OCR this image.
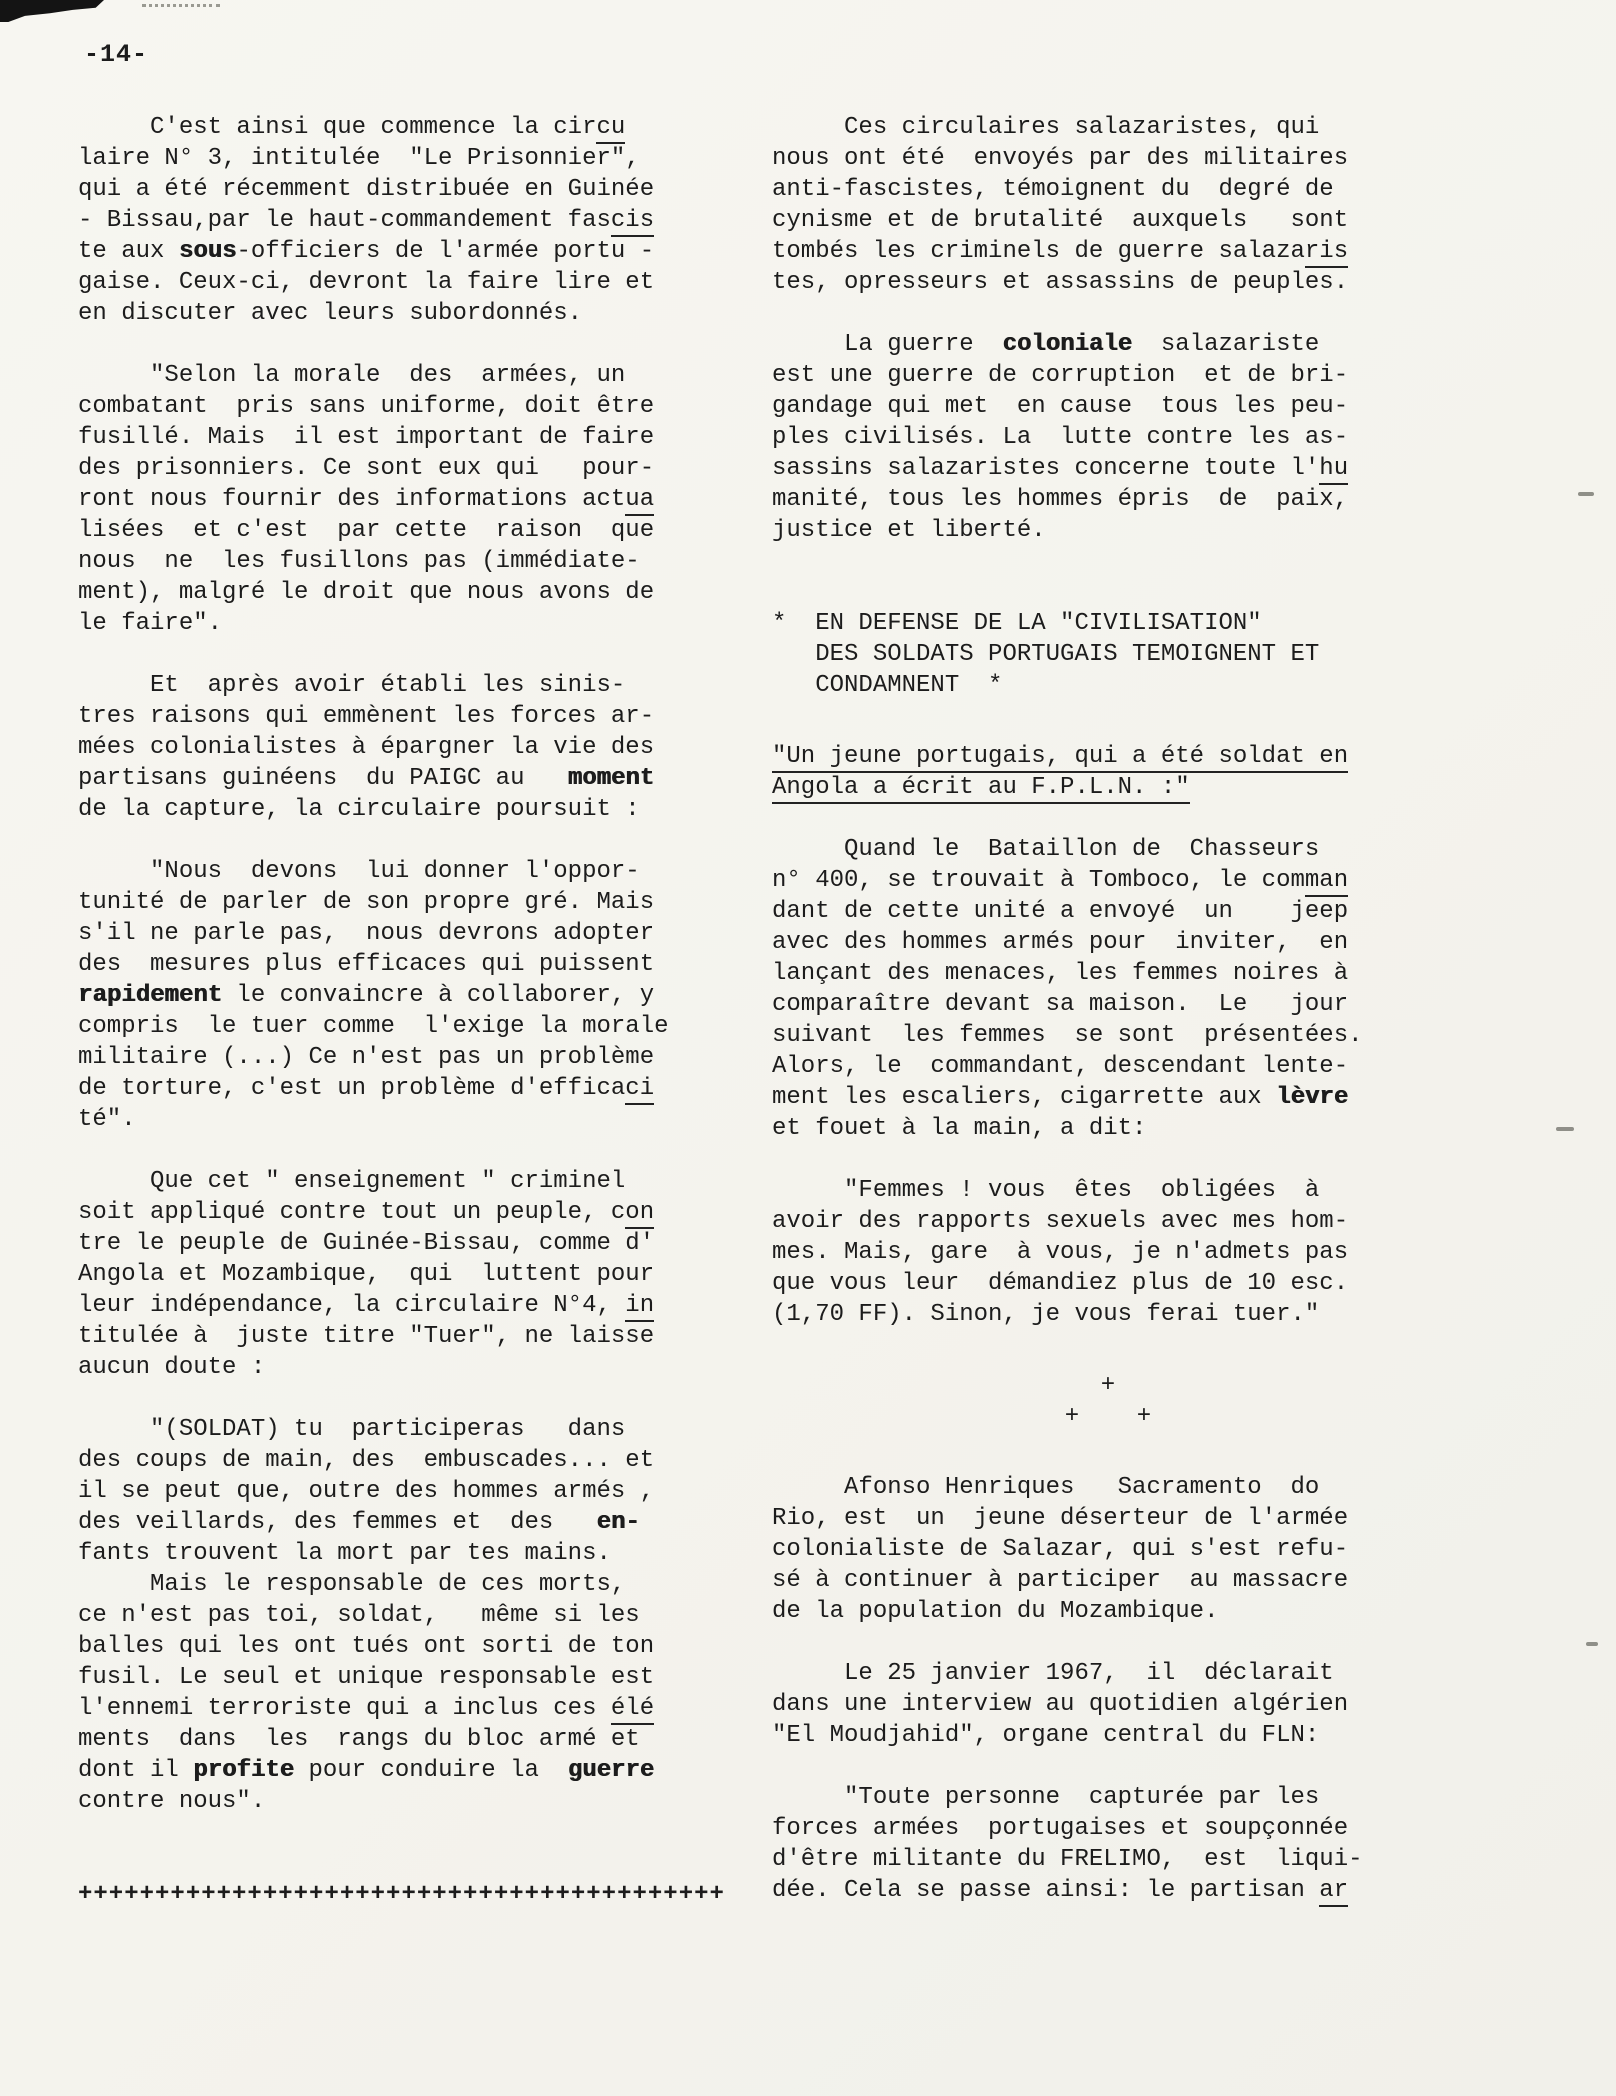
-14-
C'est ainsi que commence la circu
laire N° 3, intitulée  "Le Prisonnier",
qui a été récemment distribuée en Guinée
- Bissau,par le haut-commandement fascis
te aux sous-officiers de l'armée portu -
gaise. Ceux-ci, devront la faire lire et
en discuter avec leurs subordonnés.
"Selon la morale  des  armées, un
combatant  pris sans uniforme, doit être
fusillé. Mais  il est important de faire
des prisonniers. Ce sont eux qui   pour-
ront nous fournir des informations actua
lisées  et c'est  par cette  raison  que
nous  ne  les fusillons pas (immédiate-
ment), malgré le droit que nous avons de
le faire".
Et  après avoir établi les sinis-
tres raisons qui emmènent les forces ar-
mées colonialistes à épargner la vie des
partisans guinéens  du PAIGC au   moment
de la capture, la circulaire poursuit :
"Nous  devons  lui donner l'oppor-
tunité de parler de son propre gré. Mais
s'il ne parle pas,  nous devrons adopter
des  mesures plus efficaces qui puissent
rapidement le convaincre à collaborer, y
compris  le tuer comme  l'exige la morale
militaire (...) Ce n'est pas un problème
de torture, c'est un problème d'efficaci
té".
Que cet " enseignement " criminel
soit appliqué contre tout un peuple, con
tre le peuple de Guinée-Bissau, comme d'
Angola et Mozambique,  qui  luttent pour
leur indépendance, la circulaire N°4, in
titulée à  juste titre "Tuer", ne laisse
aucun doute :
"(SOLDAT) tu  participeras   dans
des coups de main, des  embuscades... et
il se peut que, outre des hommes armés ,
des veillards, des femmes et  des   en-
fants trouvent la mort par tes mains.
Mais le responsable de ces morts,
ce n'est pas toi, soldat,   même si les
balles qui les ont tués ont sorti de ton
fusil. Le seul et unique responsable est
l'ennemi terroriste qui a inclus ces élé
ments  dans  les  rangs du bloc armé et
dont il profite pour conduire la  guerre
contre nous".
++++++++++++++++++++++++++++++++++++++++++
Ces circulaires salazaristes, qui
nous ont été  envoyés par des militaires
anti-fascistes, témoignent du  degré de
cynisme et de brutalité  auxquels   sont
tombés les criminels de guerre salazaris
tes, opresseurs et assassins de peuples.
La guerre  coloniale  salazariste
est une guerre de corruption  et de bri-
gandage qui met  en cause  tous les peu-
ples civilisés. La  lutte contre les as-
sassins salazaristes concerne toute l'hu
manité, tous les hommes épris  de  paix,
justice et liberté.
*  EN DEFENSE DE LA "CIVILISATION"
DES SOLDATS PORTUGAIS TEMOIGNENT ET
CONDAMNENT  *
"Un jeune portugais, qui a été soldat en
Angola a écrit au F.P.L.N. :"
Quand le  Bataillon de  Chasseurs
n° 400, se trouvait à Tomboco, le comman
dant de cette unité a envoyé  un    jeep
avec des hommes armés pour  inviter,  en
lançant des menaces, les femmes noires à
comparaître devant sa maison.  Le   jour
suivant  les femmes  se sont  présentées.
Alors, le  commandant, descendant lente-
ment les escaliers, cigarrette aux lèvre
et fouet à la main, a dit:
"Femmes ! vous  êtes  obligées  à
avoir des rapports sexuels avec mes hom-
mes. Mais, gare  à vous, je n'admets pas
que vous leur  démandiez plus de 10 esc.
(1,70 FF). Sinon, je vous ferai tuer."
+
+    +
Afonso Henriques   Sacramento  do
Rio, est  un  jeune déserteur de l'armée
colonialiste de Salazar, qui s'est refu-
sé à continuer à participer  au massacre
de la population du Mozambique.
Le 25 janvier 1967,  il  déclarait
dans une interview au quotidien algérien
"El Moudjahid", organe central du FLN:
"Toute personne  capturée par les
forces armées  portugaises et soupçonnée
d'être militante du FRELIMO,  est  liqui-
dée. Cela se passe ainsi: le partisan ar
